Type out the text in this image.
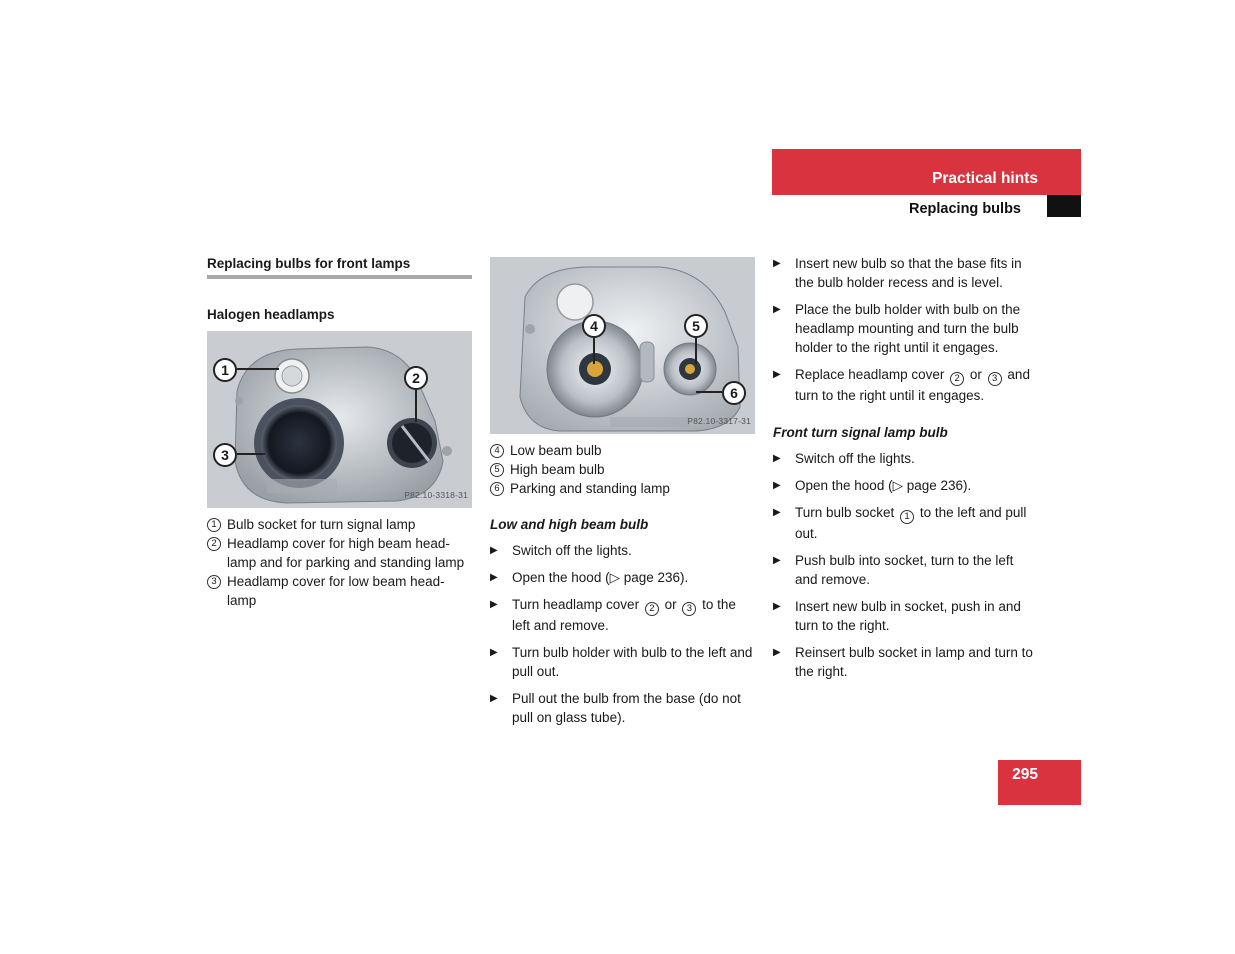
Practical hints
Replacing bulbs
Replacing bulbs for front lamps
Halogen headlamps
1	2
3
P82.10-3318-31
1 Bulb socket for turn signal lamp
2 Headlamp cover for high beam head-lamp and for parking and standing lamp
3 Headlamp cover for low beam head-lamp
4	5
6
P82.10-3317-31
4 Low beam bulb
5 High beam bulb
6 Parking and standing lamp
Low and high beam bulb
▶	Switch off the lights.
▶	Open the hood (▷ page 236).
▶	Turn headlamp cover 2 or 3 to the left and remove.
▶	Turn bulb holder with bulb to the left and pull out.
▶	Pull out the bulb from the base (do not pull on glass tube).
▶	Insert new bulb so that the base fits in the bulb holder recess and is level.
▶	Place the bulb holder with bulb on the headlamp mounting and turn the bulb holder to the right until it engages.
▶	Replace headlamp cover 2 or 3 and turn to the right until it engages.
Front turn signal lamp bulb
▶	Switch off the lights.
▶	Open the hood (▷ page 236).
▶	Turn bulb socket 1 to the left and pull out.
▶	Push bulb into socket, turn to the left and remove.
▶	Insert new bulb in socket, push in and turn to the right.
▶	Reinsert bulb socket in lamp and turn to the right.
295
